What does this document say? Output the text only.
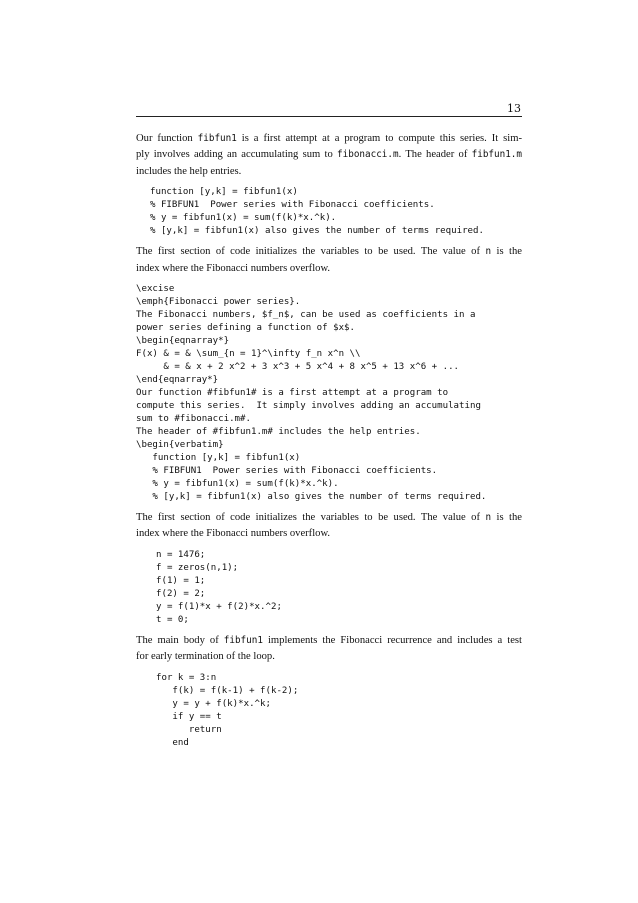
13
Our function fibfun1 is a first attempt at a program to compute this series. It sim-
ply involves adding an accumulating sum to fibonacci.m. The header of fibfun1.m
includes the help entries.
function [y,k] = fibfun1(x)
% FIBFUN1  Power series with Fibonacci coefficients.
% y = fibfun1(x) = sum(f(k)*x.^k).
% [y,k] = fibfun1(x) also gives the number of terms required.
The first section of code initializes the variables to be used. The value of n is the
index where the Fibonacci numbers overflow.
\excise
\emph{Fibonacci power series}.
The Fibonacci numbers, $f_n$, can be used as coefficients in a
power series defining a function of $x$.
\begin{eqnarray*}
F(x) & = & \sum_{n = 1}^\infty f_n x^n \\
& = & x + 2 x^2 + 3 x^3 + 5 x^4 + 8 x^5 + 13 x^6 + ...
\end{eqnarray*}
Our function #fibfun1# is a first attempt at a program to
compute this series.  It simply involves adding an accumulating
sum to #fibonacci.m#.
The header of #fibfun1.m# includes the help entries.
\begin{verbatim}
function [y,k] = fibfun1(x)
% FIBFUN1  Power series with Fibonacci coefficients.
% y = fibfun1(x) = sum(f(k)*x.^k).
% [y,k] = fibfun1(x) also gives the number of terms required.
The first section of code initializes the variables to be used. The value of n is the
index where the Fibonacci numbers overflow.
n = 1476;
f = zeros(n,1);
f(1) = 1;
f(2) = 2;
y = f(1)*x + f(2)*x.^2;
t = 0;
The main body of fibfun1 implements the Fibonacci recurrence and includes a test
for early termination of the loop.
for k = 3:n
f(k) = f(k-1) + f(k-2);
y = y + f(k)*x.^k;
if y == t
return
end
